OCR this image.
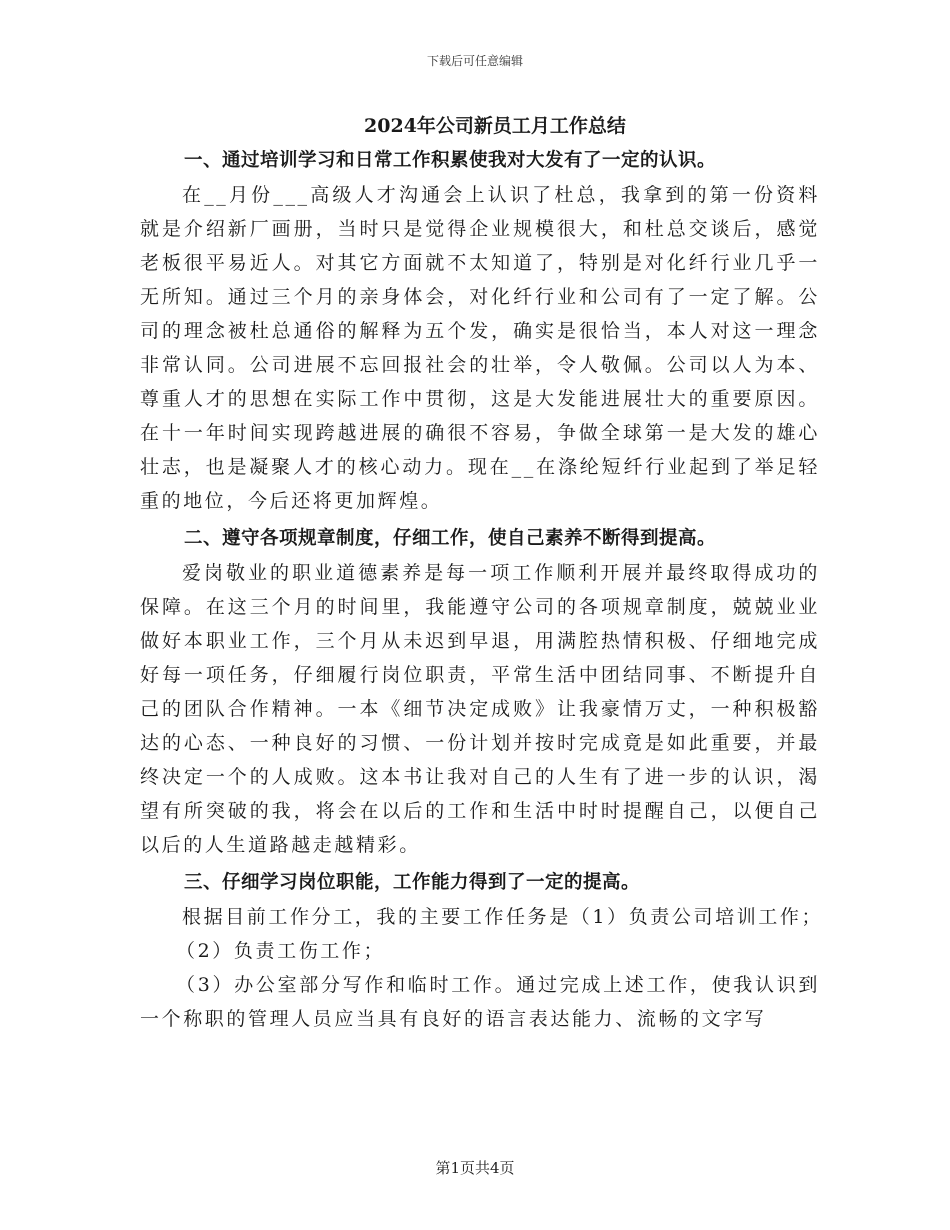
下载后可任意编辑
2024年公司新员工月工作总结
一、通过培训学习和日常工作积累使我对大发有了一定的认识。

在__月份___高级人才沟通会上认识了杜总，我拿到的第一份资料就是介绍新厂画册，当时只是觉得企业规模很大，和杜总交谈后，感觉老板很平易近人。对其它方面就不太知道了，特别是对化纤行业几乎一无所知。通过三个月的亲身体会，对化纤行业和公司有了一定了解。公司的理念被杜总通俗的解释为五个发，确实是很恰当，本人对这一理念非常认同。公司进展不忘回报社会的壮举，令人敬佩。公司以人为本、尊重人才的思想在实际工作中贯彻，这是大发能进展壮大的重要原因。在十一年时间实现跨越进展的确很不容易，争做全球第一是大发的雄心壮志，也是凝聚人才的核心动力。现在__在涤纶短纤行业起到了举足轻重的地位，今后还将更加辉煌。

二、遵守各项规章制度，仔细工作，使自己素养不断得到提高。

爱岗敬业的职业道德素养是每一项工作顺利开展并最终取得成功的保障。在这三个月的时间里，我能遵守公司的各项规章制度，兢兢业业做好本职业工作，三个月从未迟到早退，用满腔热情积极、仔细地完成好每一项任务，仔细履行岗位职责，平常生活中团结同事、不断提升自己的团队合作精神。一本《细节决定成败》让我豪情万丈，一种积极豁达的心态、一种良好的习惯、一份计划并按时完成竟是如此重要，并最终决定一个的人成败。这本书让我对自己的人生有了进一步的认识，渴望有所突破的我，将会在以后的工作和生活中时时提醒自己，以便自己以后的人生道路越走越精彩。

三、仔细学习岗位职能，工作能力得到了一定的提高。

根据目前工作分工，我的主要工作任务是（1）负责公司培训工作；

（2）负责工伤工作；

（3）办公室部分写作和临时工作。通过完成上述工作，使我认识到一个称职的管理人员应当具有良好的语言表达能力、流畅的文字写

第1页共4页
